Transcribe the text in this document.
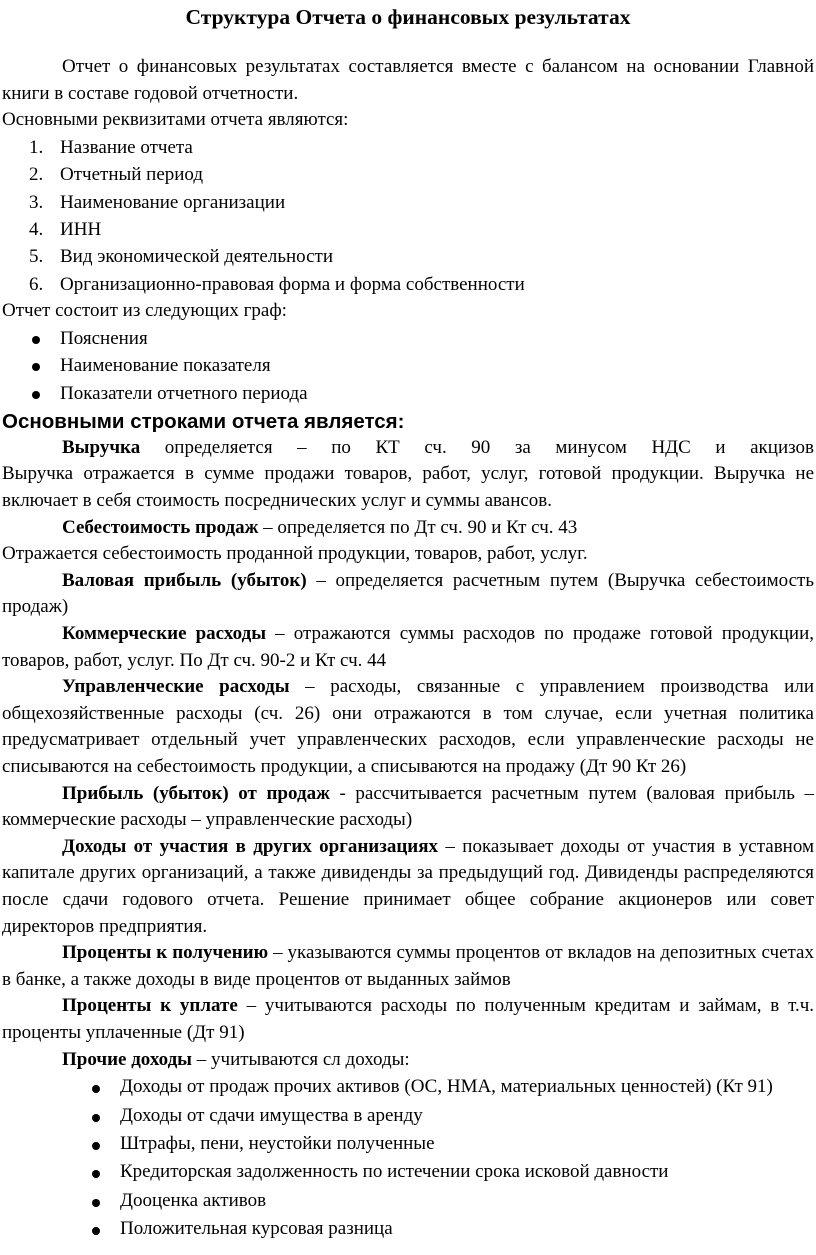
Структура Отчета о финансовых результатах

Отчет о финансовых результатах составляется вместе с балансом на основании Главной книги в составе годовой отчетности.

Основными реквизитами отчета являются:

1. Название отчета
2. Отчетный период
3. Наименование организации
4. ИНН
5. Вид экономической деятельности
6. Организационно-правовая форма и форма собственности

Отчет состоит из следующих граф:

Пояснения
Наименование показателя
Показатели отчетного периода
Основными строками отчета является:

Выручка определяется – по КТ сч. 90 за минусом НДС и акцизов

Выручка отражается в сумме продажи товаров, работ, услуг, готовой продукции. Выручка не включает в себя стоимость посреднических услуг и суммы авансов.

Себестоимость продаж – определяется по Дт сч. 90 и Кт сч. 43

Отражается себестоимость проданной продукции, товаров, работ, услуг.

Валовая прибыль (убыток) – определяется расчетным путем (Выручка себестоимость продаж)

Коммерческие расходы – отражаются суммы расходов по продаже готовой продукции, товаров, работ, услуг. По Дт сч. 90-2 и Кт сч. 44

Управленческие расходы – расходы, связанные с управлением производства или общехозяйственные расходы (сч. 26) они отражаются в том случае, если учетная политика предусматривает отдельный учет управленческих расходов, если управленческие расходы не списываются на себестоимость продукции, а списываются на продажу (Дт 90 Кт 26)

Прибыль (убыток) от продаж - рассчитывается расчетным путем (валовая прибыль – коммерческие расходы – управленческие расходы)

Доходы от участия в других организациях – показывает доходы от участия в уставном капитале других организаций, а также дивиденды за предыдущий год. Дивиденды распределяются после сдачи годового отчета. Решение принимает общее собрание акционеров или совет директоров предприятия.

Проценты к получению – указываются суммы процентов от вкладов на депозитных счетах в банке, а также доходы в виде процентов от выданных займов

Проценты к уплате – учитываются расходы по полученным кредитам и займам, в т.ч. проценты уплаченные (Дт 91)

Прочие доходы – учитываются сл доходы:

Доходы от продаж прочих активов (ОС, НМА, материальных ценностей) (Кт 91)
Доходы от сдачи имущества в аренду
Штрафы, пени, неустойки полученные
Кредиторская задолженность по истечении срока исковой давности
Дооценка активов
Положительная курсовая разница
